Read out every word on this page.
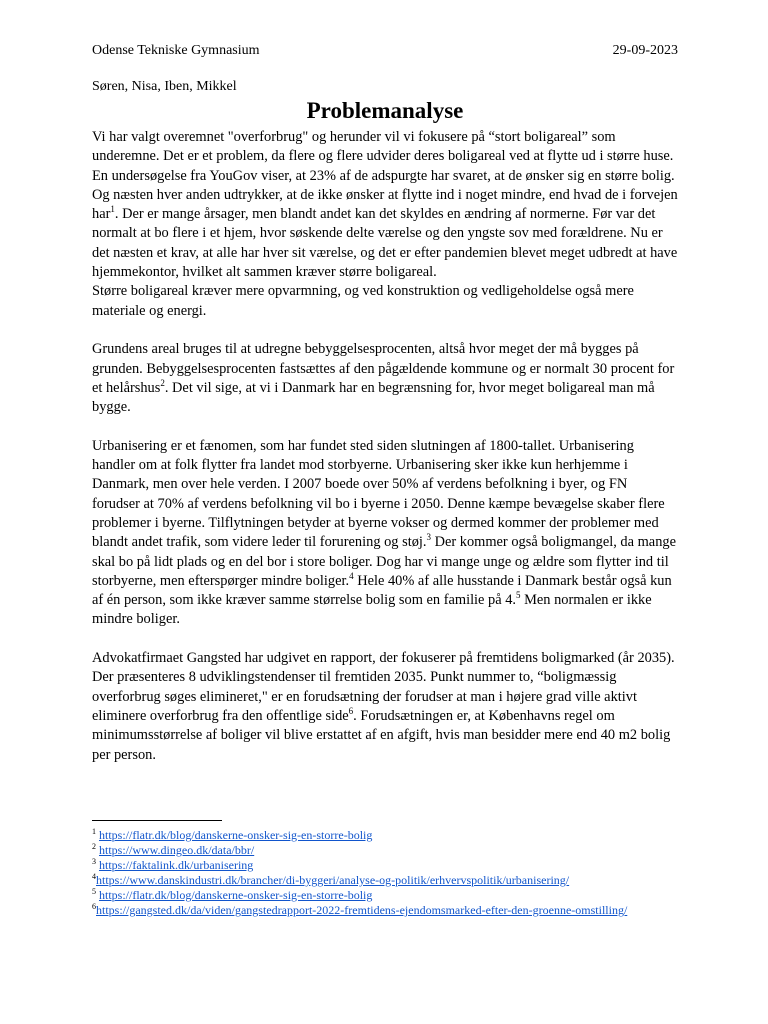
Odense Tekniske Gymnasium	29-09-2023
Søren, Nisa, Iben, Mikkel
Problemanalyse

Vi har valgt overemnet "overforbrug" og herunder vil vi fokusere på “stort boligareal” som underemne. Det er et problem, da flere og flere udvider deres boligareal ved at flytte ud i større huse. En undersøgelse fra YouGov viser, at 23% af de adspurgte har svaret, at de ønsker sig en større bolig. Og næsten hver anden udtrykker, at de ikke ønsker at flytte ind i noget mindre, end hvad de i forvejen har$^1$. Der er mange årsager, men blandt andet kan det skyldes en ændring af normerne. Før var det normalt at bo flere i et hjem, hvor søskende delte værelse og den yngste sov med forældrene. Nu er det næsten et krav, at alle har hver sit værelse, og det er efter pandemien blevet meget udbredt at have hjemmekontor, hvilket alt sammen kræver større boligareal.

Større boligareal kræver mere opvarmning, og ved konstruktion og vedligeholdelse også mere materiale og energi.

Grundens areal bruges til at udregne bebyggelsesprocenten, altså hvor meget der må bygges på grunden. Bebyggelsesprocenten fastsættes af den pågældende kommune og er normalt 30 procent for et helårshus$^2$. Det vil sige, at vi i Danmark har en begrænsning for, hvor meget boligareal man må bygge.

Urbanisering er et fænomen, som har fundet sted siden slutningen af 1800-tallet. Urbanisering handler om at folk flytter fra landet mod storbyerne. Urbanisering sker ikke kun herhjemme i Danmark, men over hele verden. I 2007 boede over 50% af verdens befolkning i byer, og FN forudser at 70% af verdens befolkning vil bo i byerne i 2050. Denne kæmpe bevægelse skaber flere problemer i byerne. Tilflytningen betyder at byerne vokser og dermed kommer der problemer med blandt andet trafik, som videre leder til forurening og støj.$^3$ Der kommer også boligmangel, da mange skal bo på lidt plads og en del bor i store boliger. Dog har vi mange unge og ældre som flytter ind til storbyerne, men efterspørger mindre boliger.$^4$ Hele 40% af alle husstande i Danmark består også kun af én person, som ikke kræver samme størrelse bolig som en familie på 4.$^5$ Men normalen er ikke mindre boliger.

Advokatfirmaet Gangsted har udgivet en rapport, der fokuserer på fremtidens boligmarked (år 2035). Der præsenteres 8 udviklingstendenser til fremtiden 2035. Punkt nummer to, “boligmæssig overforbrug søges elimineret," er en forudsætning der forudser at man i højere grad ville aktivt eliminere overforbrug fra den offentlige side$^6$. Forudsætningen er, at Københavns regel om minimumsstørrelse af boliger vil blive erstattet af en afgift, hvis man besidder mere end 40 m2 bolig per person.

$^1$ https://flatr.dk/blog/danskerne-onsker-sig-en-storre-bolig
$^2$ https://www.dingeo.dk/data/bbr/
$^3$ https://faktalink.dk/urbanisering
$^4$https://www.danskindustri.dk/brancher/di-byggeri/analyse-og-politik/erhvervspolitik/urbanisering/
$^5$ https://flatr.dk/blog/danskerne-onsker-sig-en-storre-bolig
$^6$https://gangsted.dk/da/viden/gangstedrapport-2022-fremtidens-ejendomsmarked-efter-den-groenne-omstilling/
